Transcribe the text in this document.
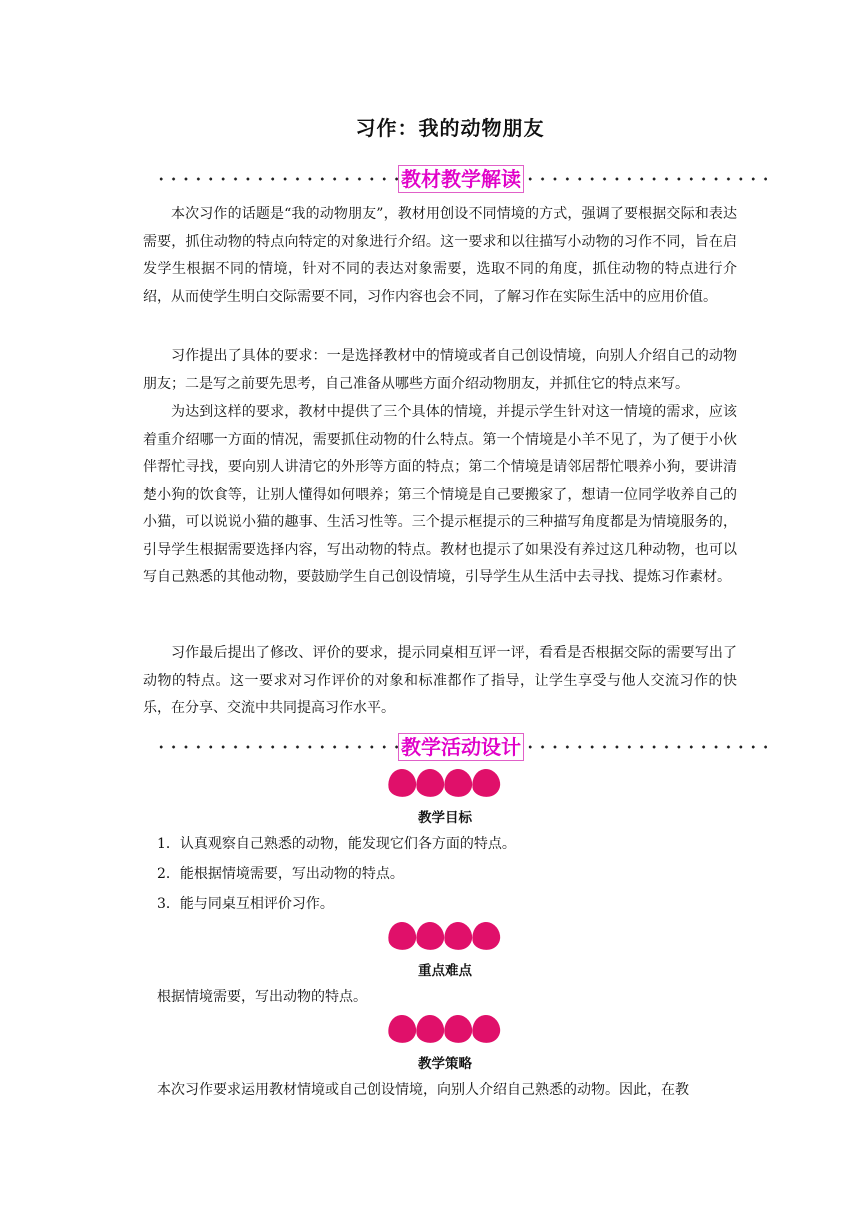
习作：我的动物朋友
教材教学解读

本次习作的话题是“我的动物朋友”，教材用创设不同情境的方式，强调了要根据交际和表达需要，抓住动物的特点向特定的对象进行介绍。这一要求和以往描写小动物的习作不同，旨在启发学生根据不同的情境，针对不同的表达对象需要，选取不同的角度，抓住动物的特点进行介绍，从而使学生明白交际需要不同，习作内容也会不同，了解习作在实际生活中的应用价值。

习作提出了具体的要求：一是选择教材中的情境或者自己创设情境，向别人介绍自己的动物朋友；二是写之前要先思考，自己准备从哪些方面介绍动物朋友，并抓住它的特点来写。

为达到这样的要求，教材中提供了三个具体的情境，并提示学生针对这一情境的需求，应该着重介绍哪一方面的情况，需要抓住动物的什么特点。第一个情境是小羊不见了，为了便于小伙伴帮忙寻找，要向别人讲清它的外形等方面的特点；第二个情境是请邻居帮忙喂养小狗，要讲清楚小狗的饮食等，让别人懂得如何喂养；第三个情境是自己要搬家了，想请一位同学收养自己的小猫，可以说说小猫的趣事、生活习性等。三个提示框提示的三种描写角度都是为情境服务的，引导学生根据需要选择内容，写出动物的特点。教材也提示了如果没有养过这几种动物，也可以写自己熟悉的其他动物，要鼓励学生自己创设情境，引导学生从生活中去寻找、提炼习作素材。

习作最后提出了修改、评价的要求，提示同桌相互评一评，看看是否根据交际的需要写出了动物的特点。这一要求对习作评价的对象和标准都作了指导，让学生享受与他人交流习作的快乐，在分享、交流中共同提高习作水平。

教学活动设计
教学目标

1．认真观察自己熟悉的动物，能发现它们各方面的特点。

2．能根据情境需要，写出动物的特点。

3．能与同桌互相评价习作。

重点难点

根据情境需要，写出动物的特点。

教学策略

本次习作要求运用教材情境或自己创设情境，向别人介绍自己熟悉的动物。因此，在教
